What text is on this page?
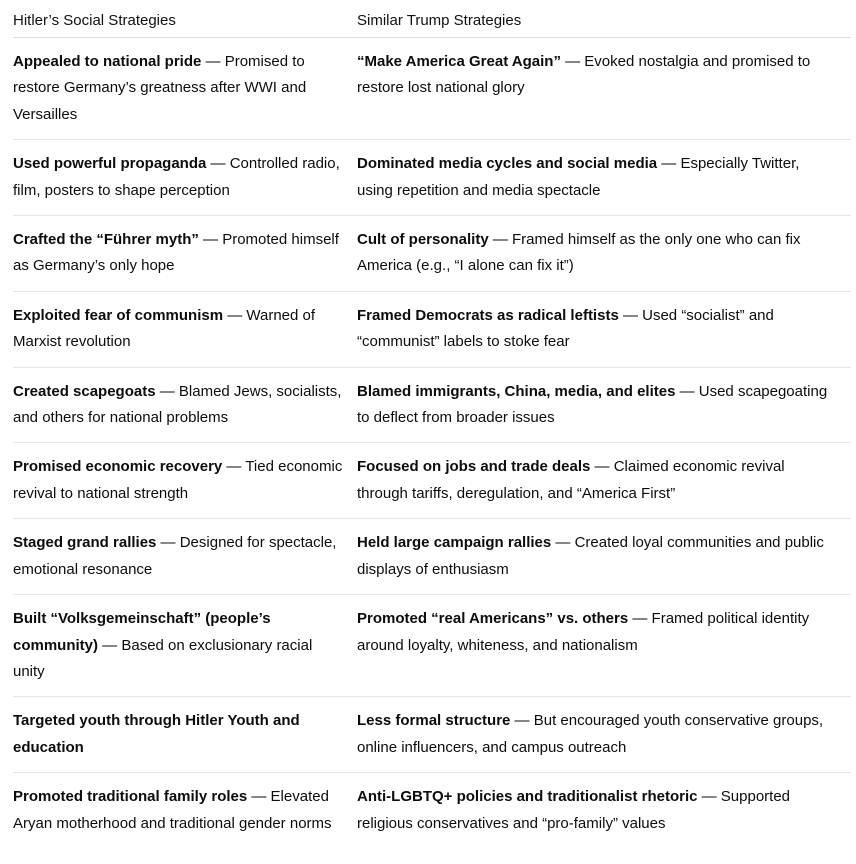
Hitler’s Social Strategies	Similar Trump Strategies
Appealed to national pride — Promised to restore Germany’s greatness after WWI and Versailles
“Make America Great Again” — Evoked nostalgia and promised to restore lost national glory
Used powerful propaganda — Controlled radio, film, posters to shape perception
Dominated media cycles and social media — Especially Twitter, using repetition and media spectacle
Crafted the “Führer myth” — Promoted himself as Germany’s only hope
Cult of personality — Framed himself as the only one who can fix America (e.g., “I alone can fix it”)
Exploited fear of communism — Warned of Marxist revolution
Framed Democrats as radical leftists — Used “socialist” and “communist” labels to stoke fear
Created scapegoats — Blamed Jews, socialists, and others for national problems
Blamed immigrants, China, media, and elites — Used scapegoating to deflect from broader issues
Promised economic recovery — Tied economic revival to national strength
Focused on jobs and trade deals — Claimed economic revival through tariffs, deregulation, and “America First”
Staged grand rallies — Designed for spectacle, emotional resonance
Held large campaign rallies — Created loyal communities and public displays of enthusiasm
Built “Volksgemeinschaft” (people’s community) — Based on exclusionary racial unity
Promoted “real Americans” vs. others — Framed political identity around loyalty, whiteness, and nationalism
Targeted youth through Hitler Youth and education
Less formal structure — But encouraged youth conservative groups, online influencers, and campus outreach
Promoted traditional family roles — Elevated Aryan motherhood and traditional gender norms
Anti-LGBTQ+ policies and traditionalist rhetoric — Supported religious conservatives and “pro-family” values
